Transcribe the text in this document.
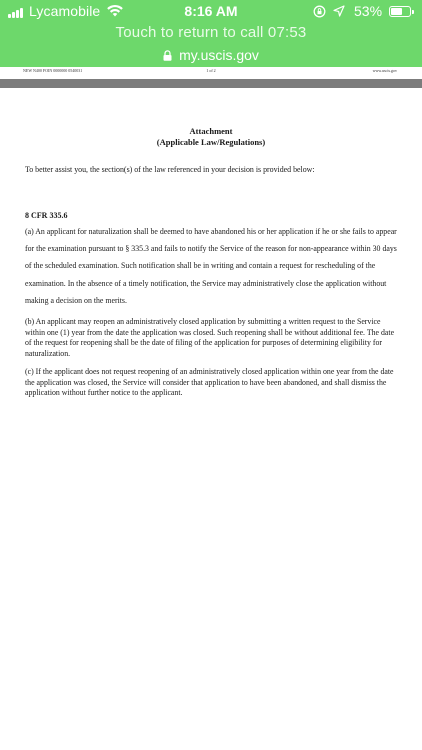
Lycamobile	8:16 AM	53%
Touch to return to call 07:53
my.uscis.gov
NEW N400 FOIN 0000000 0540031	1 of 2	www.uscis.gov
Attachment
(Applicable Law/Regulations)

To better assist you, the section(s) of the law referenced in your decision is provided below:

8 CFR 335.6

(a) An applicant for naturalization shall be deemed to have abandoned his or her application if he or she fails to appear for the examination pursuant to § 335.3 and fails to notify the Service of the reason for non-appearance within 30 days of the scheduled examination. Such notification shall be in writing and contain a request for rescheduling of the examination. In the absence of a timely notification, the Service may administratively close the application without making a decision on the merits.

(b) An applicant may reopen an administratively closed application by submitting a written request to the Service within one (1) year from the date the application was closed. Such reopening shall be without additional fee. The date of the request for reopening shall be the date of filing of the application for purposes of determining eligibility for naturalization.

(c) If the applicant does not request reopening of an administratively closed application within one year from the date the application was closed, the Service will consider that application to have been abandoned, and shall dismiss the application without further notice to the applicant.
